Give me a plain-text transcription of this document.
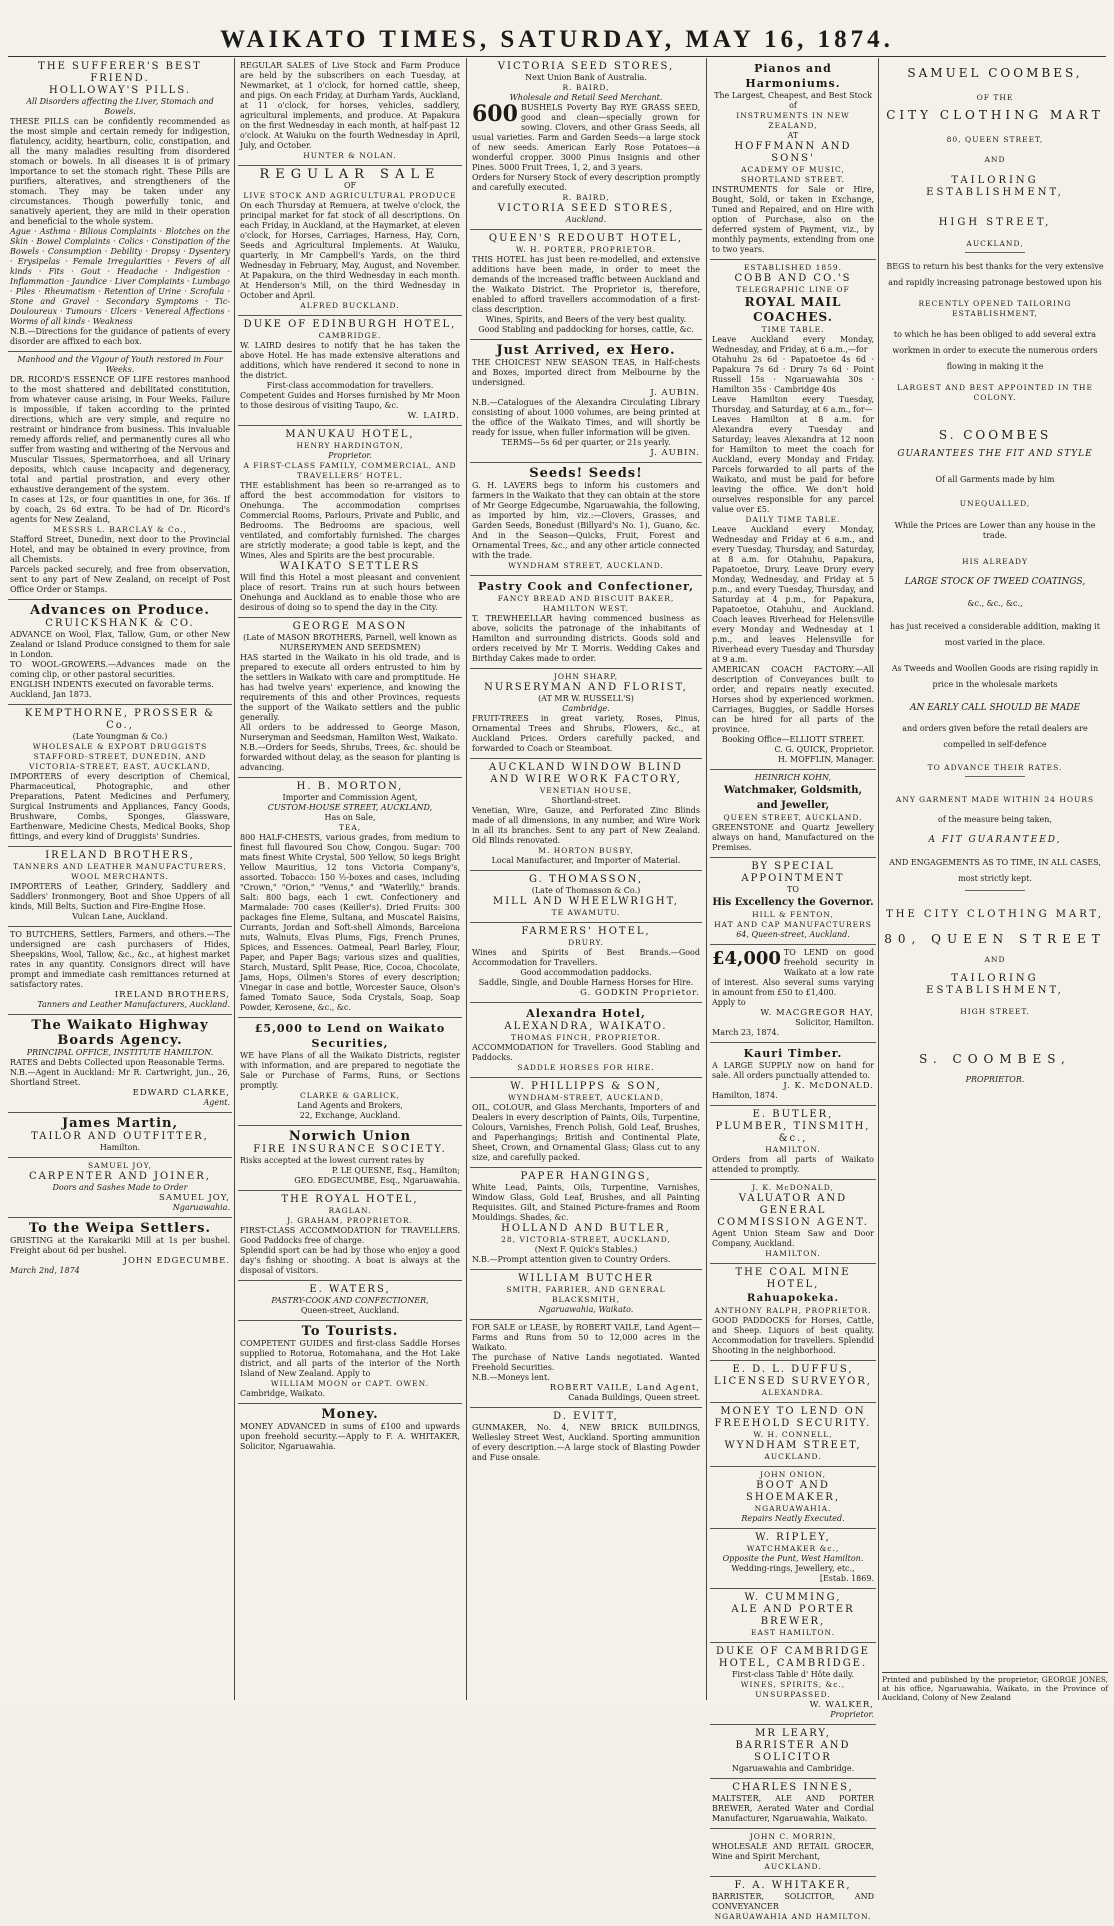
WAIKATO TIMES, SATURDAY, MAY 16, 1874.
THE SUFFERER'S BEST FRIEND.
HOLLOWAY'S PILLS.
All Disorders affecting the Liver, Stomach and Bowels.
THESE PILLS can be confidently recommended as the most simple and certain remedy for indigestion, flatulency, acidity, heartburn, colic, constipation, and all the many maladies resulting from disordered stomach or bowels. In all diseases it is of primary importance to set the stomach right. These Pills are purifiers, alteratives, and strengtheners of the stomach. They may be taken under any circumstances. Though powerfully tonic, and sanatively aperient, they are mild in their operation and beneficial to the whole system.
Ague · Asthma · Bilious Complaints · Blotches on the Skin · Bowel Complaints · Colics · Constipation of the Bowels · Consumption · Debility · Dropsy · Dysentery · Erysipelas · Female Irregularities · Fevers of all kinds · Fits · Gout · Headache · Indigestion · Inflammation · Jaundice · Liver Complaints · Lumbago · Piles · Rheumatism · Retention of Urine · Scrofula · Stone and Gravel · Secondary Symptoms · Tic-Douloureux · Tumours · Ulcers · Venereal Affections · Worms of all kinds · Weakness
N.B.—Directions for the guidance of patients of every disorder are affixed to each box.
Manhood and the Vigour of Youth restored in Four Weeks.
DR. RICORD'S ESSENCE OF LIFE restores manhood to the most shattered and debilitated constitution, from whatever cause arising, in Four Weeks. Failure is impossible, if taken according to the printed directions, which are very simple, and require no restraint or hindrance from business. This invaluable remedy affords relief, and permanently cures all who suffer from wasting and withering of the Nervous and Muscular Tissues, Spermatorrhoea, and all Urinary deposits, which cause incapacity and degeneracy, total and partial prostration, and every other exhaustive derangement of the system.
In cases at 12s, or four quantities in one, for 36s. If by coach, 2s 6d extra. To be had of Dr. Ricord's agents for New Zealand,
MESSRS L. BARCLAY & Co.,
Stafford Street, Dunedin, next door to the Provincial Hotel, and may be obtained in every province, from all Chemists.
Parcels packed securely, and free from observation, sent to any part of New Zealand, on receipt of Post Office Order or Stamps.
Advances on Produce.
CRUICKSHANK & CO.
ADVANCE on Wool, Flax, Tallow, Gum, or other New Zealand or Island Produce consigned to them for sale in London.
TO WOOL-GROWERS.—Advances made on the coming clip, or other pastoral securities.
ENGLISH INDENTS executed on favorable terms.
Auckland, Jan 1873.
KEMPTHORNE, PROSSER & Co.,
(Late Youngman & Co.)
WHOLESALE & EXPORT DRUGGISTS
STAFFORD-STREET, DUNEDIN, AND VICTORIA-STREET, EAST, AUCKLAND,
IMPORTERS of every description of Chemical, Pharmaceutical, Photographic, and other Preparations, Patent Medicines and Perfumery, Surgical Instruments and Appliances, Fancy Goods, Brushware, Combs, Sponges, Glassware, Earthenware, Medicine Chests, Medical Books, Shop fittings, and every kind of Druggists' Sundries.
IRELAND BROTHERS,
TANNERS AND LEATHER MANUFACTURERS, WOOL MERCHANTS.
IMPORTERS of Leather, Grindery, Saddlery and Saddlers' Ironmongery, Boot and Shoe Uppers of all kinds, Mill Belts, Suction and Fire-Engine Hose.
Vulcan Lane, Auckland.
TO BUTCHERS, Settlers, Farmers, and others.—The undersigned are cash purchasers of Hides, Sheepskins, Wool, Tallow, &c., &c., at highest market rates in any quantity. Consignors direct will have prompt and immediate cash remittances returned at satisfactory rates.
IRELAND BROTHERS,
Tanners and Leather Manufacturers, Auckland.
The Waikato Highway Boards Agency.
PRINCIPAL OFFICE, INSTITUTE HAMILTON.
RATES and Debts Collected upon Reasonable Terms.
N.B.—Agent in Auckland: Mr R. Cartwright, jun., 26, Shortland Street.
EDWARD CLARKE,
Agent.
James Martin,
TAILOR AND OUTFITTER,
Hamilton.
SAMUEL JOY,
CARPENTER AND JOINER,
Doors and Sashes Made to Order
SAMUEL JOY,
Ngaruawahia.
To the Weipa Settlers.
GRISTING at the Karakariki Mill at 1s per bushel. Freight about 6d per bushel.
JOHN EDGECUMBE.
March 2nd, 1874
REGULAR SALES of Live Stock and Farm Produce are held by the subscribers on each Tuesday, at Newmarket, at 1 o'clock, for horned cattle, sheep, and pigs. On each Friday, at Durham Yards, Auckland, at 11 o'clock, for horses, vehicles, saddlery, agricultural implements, and produce. At Papakura on the first Wednesday in each month, at half-past 12 o'clock. At Waiuku on the fourth Wednesday in April, July, and October.
HUNTER & NOLAN.
REGULAR SALE
OF
LIVE STOCK AND AGRICULTURAL PRODUCE
On each Thursday at Remuera, at twelve o'clock, the principal market for fat stock of all descriptions. On each Friday, in Auckland, at the Haymarket, at eleven o'clock, for Horses, Carriages, Harness, Hay, Corn, Seeds and Agricultural Implements. At Waiuku, quarterly, in Mr Campbell's Yards, on the third Wednesday in February, May, August, and November. At Papakura, on the third Wednesday in each month. At Henderson's Mill, on the third Wednesday in October and April.
ALFRED BUCKLAND.
DUKE OF EDINBURGH HOTEL,
CAMBRIDGE.
W. LAIRD desires to notify that he has taken the above Hotel. He has made extensive alterations and additions, which have rendered it second to none in the district.
First-class accommodation for travellers.
Competent Guides and Horses furnished by Mr Moon to those desirous of visiting Taupo, &c.
W. LAIRD.
MANUKAU HOTEL,
HENRY HARDINGTON,
Proprietor.
A FIRST-CLASS FAMILY, COMMERCIAL, AND TRAVELLERS' HOTEL.
THE establishment has been so re-arranged as to afford the best accommodation for visitors to Onehunga. The accommodation comprises Commercial Rooms, Parlours, Private and Public, and Bedrooms. The Bedrooms are spacious, well ventilated, and comfortably furnished. The charges are strictly moderate; a good table is kept, and the Wines, Ales and Spirits are the best procurable.
WAIKATO SETTLERS
Will find this Hotel a most pleasant and convenient place of resort. Trains run at such hours between Onehunga and Auckland as to enable those who are desirous of doing so to spend the day in the City.
GEORGE MASON
(Late of MASON BROTHERS, Parnell, well known as NURSERYMEN AND SEEDSMEN)
HAS started in the Waikato in his old trade, and is prepared to execute all orders entrusted to him by the settlers in Waikato with care and promptitude. He has had twelve years' experience, and knowing the requirements of this and other Provinces, requests the support of the Waikato settlers and the public generally.
All orders to be addressed to George Mason, Nurseryman and Seedsman, Hamilton West, Waikato.
N.B.—Orders for Seeds, Shrubs, Trees, &c. should be forwarded without delay, as the season for planting is advancing.
H. B. MORTON,
Importer and Commission Agent,
CUSTOM-HOUSE STREET, AUCKLAND,
Has on Sale,
TEA,
800 HALF-CHESTS, various grades, from medium to finest full flavoured Sou Chow, Congou. Sugar: 700 mats finest White Crystal, 500 Yellow, 50 kegs Bright Yellow Mauritius, 12 tons Victoria Company's, assorted. Tobacco: 150 ½-boxes and cases, including "Crown," "Orion," "Venus," and "Waterlily," brands. Salt: 800 bags, each 1 cwt. Confectionery and Marmalade: 700 cases (Keiller's). Dried Fruits: 300 packages fine Eleme, Sultana, and Muscatel Raisins, Currants, Jordan and Soft-shell Almonds, Barcelona nuts, Walnuts, Elvas Plums, Figs, French Prunes, Spices, and Essences. Oatmeal, Pearl Barley, Flour, Paper, and Paper Bags; various sizes and qualities, Starch, Mustard, Split Pease, Rice, Cocoa, Chocolate, Jams, Hops, Oilmen's Stores of every description; Vinegar in case and bottle, Worcester Sauce, Olson's famed Tomato Sauce, Soda Crystals, Soap, Soap Powder, Kerosene, &c., &c.
£5,000 to Lend on Waikato Securities,
WE have Plans of all the Waikato Districts, register with information, and are prepared to negotiate the Sale or Purchase of Farms, Runs, or Sections promptly.
CLARKE & GARLICK,
Land Agents and Brokers,
22, Exchange, Auckland.
Norwich Union
FIRE INSURANCE SOCIETY.
Risks accepted at the lowest current rates by
P. LE QUESNE, Esq., Hamilton;
GEO. EDGECUMBE, Esq., Ngaruawahia.
THE ROYAL HOTEL,
RAGLAN.
J. GRAHAM, PROPRIETOR.
FIRST-CLASS ACCOMMODATION for TRAVELLERS. Good Paddocks free of charge.
Splendid sport can be had by those who enjoy a good day's fishing or shooting. A boat is always at the disposal of visitors.
E. WATERS,
PASTRY-COOK AND CONFECTIONER,
Queen-street, Auckland.
To Tourists.
COMPETENT GUIDES and first-class Saddle Horses supplied to Rotorua, Rotomahana, and the Hot Lake district, and all parts of the interior of the North Island of New Zealand. Apply to
WILLIAM MOON or CAPT. OWEN.
Cambridge, Waikato.
Money.
MONEY ADVANCED in sums of £100 and upwards upon freehold security.—Apply to F. A. WHITAKER, Solicitor, Ngaruawahia.
VICTORIA SEED STORES,
Next Union Bank of Australia.
R. BAIRD,
Wholesale and Retail Seed Merchant.
600 BUSHELS Poverty Bay RYE GRASS SEED, good and clean—specially grown for sowing. Clovers, and other Grass Seeds, all usual varieties. Farm and Garden Seeds—a large stock of new seeds. American Early Rose Potatoes—a wonderful cropper. 3000 Pinus Insignis and other Pines. 5000 Fruit Trees, 1, 2, and 3 years.
Orders for Nursery Stock of every description promptly and carefully executed.
R. BAIRD,
VICTORIA SEED STORES,
Auckland.
QUEEN'S REDOUBT HOTEL,
W. H. PORTER, PROPRIETOR.
THIS HOTEL has just been re-modelled, and extensive additions have been made, in order to meet the demands of the increased traffic between Auckland and the Waikato District. The Proprietor is, therefore, enabled to afford travellers accommodation of a first-class description.
Wines, Spirits, and Beers of the very best quality.
Good Stabling and paddocking for horses, cattle, &c.
Just Arrived, ex Hero.
THE CHOICEST NEW SEASON TEAS, in Half-chests and Boxes, imported direct from Melbourne by the undersigned.
J. AUBIN.
N.B.—Catalogues of the Alexandra Circulating Library consisting of about 1000 volumes, are being printed at the office of the Waikato Times, and will shortly be ready for issue, when fuller information will be given.
TERMS—5s 6d per quarter, or 21s yearly.
J. AUBIN.
Seeds! Seeds!
G. H. LAVERS begs to inform his customers and farmers in the Waikato that they can obtain at the store of Mr George Edgecumbe, Ngaruawahia, the following, as imported by him, viz.:—Clovers, Grasses, and Garden Seeds, Bonedust (Billyard's No. 1), Guano, &c. And in the Season—Quicks, Fruit, Forest and Ornamental Trees, &c., and any other article connected with the trade.
WYNDHAM STREET, AUCKLAND.
Pastry Cook and Confectioner,
FANCY BREAD AND BISCUIT BAKER,
HAMILTON WEST.
T. TREWHEELLAR having commenced business as above, solicits the patronage of the inhabitants of Hamilton and surrounding districts. Goods sold and orders received by Mr T. Morris. Wedding Cakes and Birthday Cakes made to order.
JOHN SHARP,
NURSERYMAN AND FLORIST,
(AT MR W. RUSSELL'S)
Cambridge.
FRUIT-TREES in great variety, Roses, Pinus, Ornamental Trees and Shrubs, Flowers, &c., at Auckland Prices. Orders carefully packed, and forwarded to Coach or Steamboat.
AUCKLAND WINDOW BLIND AND WIRE WORK FACTORY,
VENETIAN HOUSE,
Shortland-street.
Venetian, Wire, Gauze, and Perforated Zinc Blinds made of all dimensions, in any number, and Wire Work in all its branches. Sent to any part of New Zealand. Old Blinds renovated.
M. HORTON BUSBY,
Local Manufacturer, and Importer of Material.
G. THOMASSON,
(Late of Thomasson & Co.)
MILL AND WHEELWRIGHT,
TE AWAMUTU.
FARMERS' HOTEL,
DRURY.
Wines and Spirits of Best Brands.—Good Accommodation for Travellers.
Good accommodation paddocks.
Saddle, Single, and Double Harness Horses for Hire.
G. GODKIN Proprietor.
Alexandra Hotel,
ALEXANDRA, WAIKATO.
THOMAS FINCH, PROPRIETOR.
ACCOMMODATION for Travellers. Good Stabling and Paddocks.
SADDLE HORSES FOR HIRE.
W. PHILLIPPS & SON,
WYNDHAM-STREET, AUCKLAND,
OIL, COLOUR, and Glass Merchants, Importers of and Dealers in every description of Paints, Oils, Turpentine, Colours, Varnishes, French Polish, Gold Leaf, Brushes, and Paperhangings; British and Continental Plate, Sheet, Crown, and Ornamental Glass; Glass cut to any size, and carefully packed.
PAPER HANGINGS,
White Lead, Paints, Oils, Turpentine, Varnishes, Window Glass, Gold Leaf, Brushes, and all Painting Requisites. Gilt, and Stained Picture-frames and Room Mouldings. Shades, &c.
HOLLAND AND BUTLER,
28, VICTORIA-STREET, AUCKLAND,
(Next F. Quick's Stables.)
N.B.—Prompt attention given to Country Orders.
WILLIAM BUTCHER
SMITH, FARRIER, AND GENERAL BLACKSMITH,
Ngaruawahia, Waikato.
FOR SALE or LEASE, by ROBERT VAILE, Land Agent—Farms and Runs from 50 to 12,000 acres in the Waikato.
The purchase of Native Lands negotiated. Wanted Freehold Securities.
N.B.—Moneys lent.
ROBERT VAILE, Land Agent,
Canada Buildings, Queen street.
D. EVITT,
GUNMAKER, No. 4, NEW BRICK BUILDINGS, Wellesley Street West, Auckland. Sporting ammunition of every description.—A large stock of Blasting Powder and Fuse onsale.
Pianos and Harmoniums.
The Largest, Cheapest, and Best Stock of
INSTRUMENTS IN NEW ZEALAND,
AT
HOFFMANN AND SONS'
ACADEMY OF MUSIC, SHORTLAND STREET.
INSTRUMENTS for Sale or Hire, Bought, Sold, or taken in Exchange, Tuned and Repaired, and on Hire with option of Purchase, also on the deferred system of Payment, viz., by monthly payments, extending from one to two years.
ESTABLISHED 1859.
COBB AND CO.'S
TELEGRAPHIC LINE OF
ROYAL MAIL COACHES.
TIME TABLE.
Leave Auckland every Monday, Wednesday, and Friday, at 6 a.m.,—for
Otahuhu 2s 6d · Papatoetoe 4s 6d · Papakura 7s 6d · Drury 7s 6d · Point Russell 15s · Ngaruawahia 30s · Hamilton 35s · Cambridge 40s
Leave Hamilton every Tuesday, Thursday, and Saturday, at 6 a.m., for—
Leaves Hamilton at 8 a.m. for Alexandra every Tuesday and Saturday; leaves Alexandra at 12 noon for Hamilton to meet the coach for Auckland, every Monday and Friday. Parcels forwarded to all parts of the Waikato, and must be paid for before leaving the office. We don't hold ourselves responsible for any parcel value over £5.
DAILY TIME TABLE.
Leave Auckland every Monday, Wednesday and Friday at 6 a.m., and every Tuesday, Thursday, and Saturday, at 8 a.m. for Otahuhu, Papakura, Papatoetoe, Drury. Leave Drury every Monday, Wednesday, and Friday at 5 p.m., and every Tuesday, Thursday, and Saturday at 4 p.m., for Papakura, Papatoetoe, Otahuhu, and Auckland. Coach leaves Riverhead for Helensville every Monday and Wednesday at 1 p.m., and leaves Helensville for Riverhead every Tuesday and Thursday at 9 a.m.
AMERICAN COACH FACTORY.—All description of Conveyances built to order, and repairs neatly executed. Horses shod by experienced workmen. Carriages, Buggies, or Saddle Horses can be hired for all parts of the province.
Booking Office—ELLIOTT STREET.
C. G. QUICK, Proprietor.
H. MOFFLIN, Manager.
HEINRICH KOHN,
Watchmaker, Goldsmith, and Jeweller,
QUEEN STREET, AUCKLAND.
GREENSTONE and Quartz Jewellery always on hand, Manufactured on the Premises.
BY SPECIAL APPOINTMENT
TO
His Excellency the Governor.
HILL & FENTON,
HAT AND CAP MANUFACTURERS
64, Queen-street, Auckland.
£4,000 TO LEND on good freehold security in Waikato at a low rate of interest. Also several sums varying in amount from £50 to £1,400.
Apply to
W. MACGREGOR HAY,
Solicitor, Hamilton.
March 23, 1874.
Kauri Timber.
A LARGE SUPPLY now on hand for sale. All orders punctually attended to.
J. K. McDONALD.
Hamilton, 1874.
E. BUTLER,
PLUMBER, TINSMITH, &c.,
HAMILTON.
Orders from all parts of Waikato attended to promptly.
J. K. McDONALD,
VALUATOR AND GENERAL COMMISSION AGENT.
Agent Union Steam Saw and Door Company, Auckland.
HAMILTON.
THE COAL MINE HOTEL,
Rahuapokeka.
ANTHONY RALPH, PROPRIETOR.
GOOD PADDOCKS for Horses, Cattle, and Sheep. Liquors of best quality. Accommodation for travellers. Splendid Shooting in the neighborhood.
E. D. L. DUFFUS,
LICENSED SURVEYOR,
ALEXANDRA.
MONEY TO LEND ON FREEHOLD SECURITY.
W. H. CONNELL,
WYNDHAM STREET,
AUCKLAND.
JOHN ONION,
BOOT AND SHOEMAKER,
NGARUAWAHIA.
Repairs Neatly Executed.
W. RIPLEY,
WATCHMAKER &c.,
Opposite the Punt, West Hamilton.
Wedding-rings, Jewellery, etc.,
[Estab. 1869.
W. CUMMING,
ALE AND PORTER BREWER,
EAST HAMILTON.
DUKE OF CAMBRIDGE HOTEL, CAMBRIDGE.
First-class Table d' Hôte daily.
WINES, SPIRITS, &c., UNSURPASSED.
W. WALKER,
Proprietor.
MR LEARY,
BARRISTER AND SOLICITOR
Ngaruawahia and Cambridge.
CHARLES INNES,
MALTSTER, ALE AND PORTER BREWER, Aerated Water and Cordial Manufacturer, Ngaruawahia, Waikato.
JOHN C. MORRIN,
WHOLESALE AND RETAIL GROCER, Wine and Spirit Merchant,
AUCKLAND.
F. A. WHITAKER,
BARRISTER, SOLICITOR, AND CONVEYANCER
NGARUAWAHIA AND HAMILTON.
SAMUEL COOMBES,
OF THE
CITY CLOTHING MART
80, QUEEN STREET,
AND
TAILORING ESTABLISHMENT,
HIGH STREET,
AUCKLAND,
BEGS to return his best thanks for the very extensive and rapidly increasing patronage bestowed upon his
RECENTLY OPENED TAILORING ESTABLISHMENT,
to which he has been obliged to add several extra workmen in order to execute the numerous orders flowing in making it the
LARGEST AND BEST APPOINTED IN THE COLONY.
S. COOMBES
GUARANTEES THE FIT AND STYLE
Of all Garments made by him
UNEQUALLED,
While the Prices are Lower than any house in the trade.
HIS ALREADY
LARGE STOCK OF TWEED COATINGS,
&c., &c., &c.,
has just received a considerable addition, making it most varied in the place.
As Tweeds and Woollen Goods are rising rapidly in price in the wholesale markets
AN EARLY CALL SHOULD BE MADE
and orders given before the retail dealers are compelled in self-defence
TO ADVANCE THEIR RATES.
ANY GARMENT MADE WITHIN 24 HOURS
of the measure being taken,
A FIT GUARANTEED,
AND ENGAGEMENTS AS TO TIME, IN ALL CASES, most strictly kept.
THE CITY CLOTHING MART,
80, QUEEN STREET
AND
TAILORING ESTABLISHMENT,
HIGH STREET.
S. COOMBES,
PROPRIETOR.
Printed and published by the proprietor, GEORGE JONES, at his office, Ngaruawahia, Waikato, in the Province of Auckland, Colony of New Zealand
